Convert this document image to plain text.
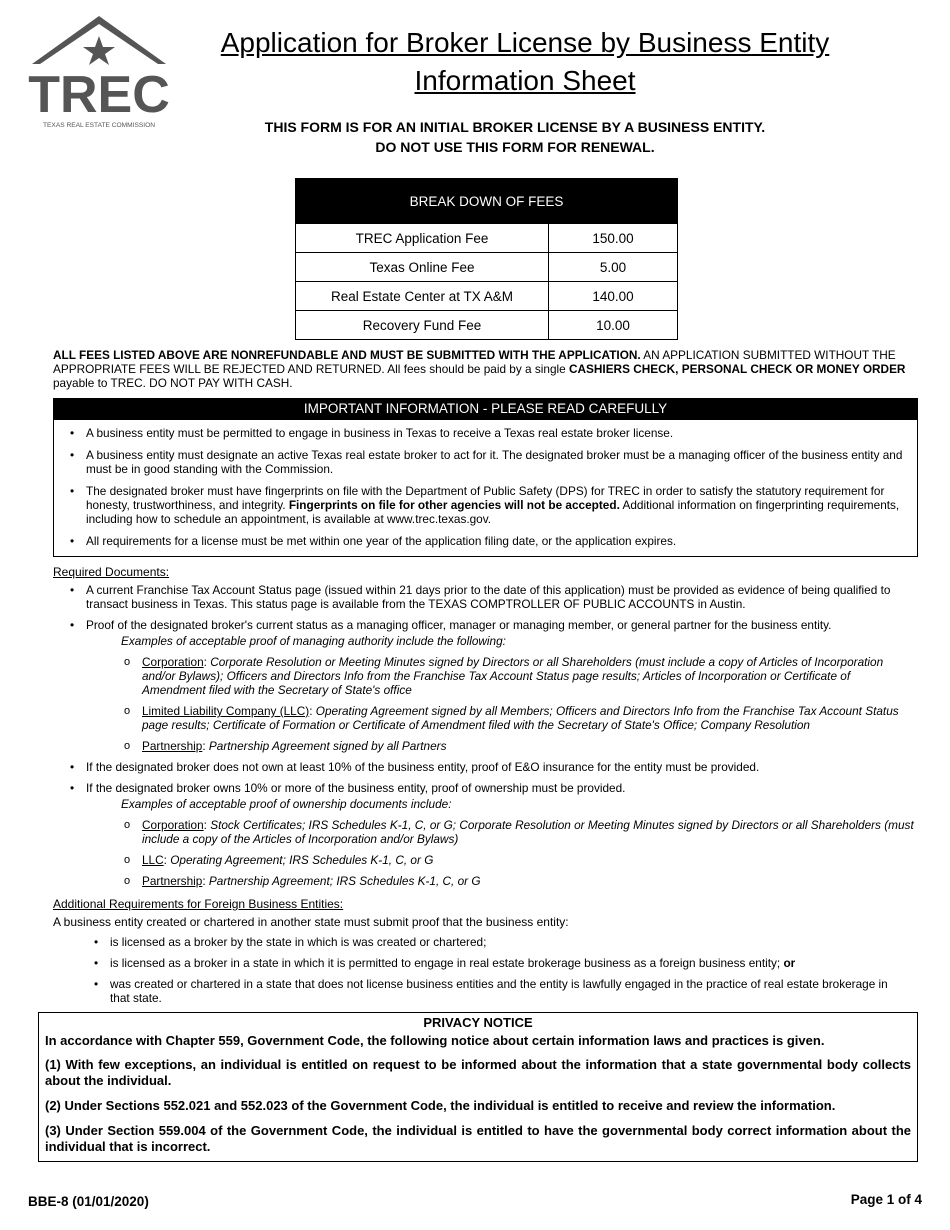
TREC
TEXAS REAL ESTATE COMMISSION
Application for Broker License by Business Entity
Information Sheet
THIS FORM IS FOR AN INITIAL BROKER LICENSE BY A BUSINESS ENTITY.
DO NOT USE THIS FORM FOR RENEWAL.
BREAK DOWN OF FEES	
TREC Application Fee	150.00
Texas Online Fee	5.00
Real Estate Center at TX A&M	140.00
Recovery Fund Fee	10.00
ALL FEES LISTED ABOVE ARE NONREFUNDABLE AND MUST BE SUBMITTED WITH THE APPLICATION. AN APPLICATION SUBMITTED WITHOUT THE APPROPRIATE FEES WILL BE REJECTED AND RETURNED. All fees should be paid by a single CASHIERS CHECK, PERSONAL CHECK OR MONEY ORDER payable to TREC. DO NOT PAY WITH CASH.
IMPORTANT INFORMATION - PLEASE READ CAREFULLY
• A business entity must be permitted to engage in business in Texas to receive a Texas real estate broker license.
• A business entity must designate an active Texas real estate broker to act for it. The designated broker must be a managing officer of the business entity and must be in good standing with the Commission.
• The designated broker must have fingerprints on file with the Department of Public Safety (DPS) for TREC in order to satisfy the statutory requirement for honesty, trustworthiness, and integrity. Fingerprints on file for other agencies will not be accepted. Additional information on fingerprinting requirements, including how to schedule an appointment, is available at www.trec.texas.gov.
• All requirements for a license must be met within one year of the application filing date, or the application expires.
Required Documents:
• A current Franchise Tax Account Status page (issued within 21 days prior to the date of this application) must be provided as evidence of being qualified to transact business in Texas. This status page is available from the TEXAS COMPTROLLER OF PUBLIC ACCOUNTS in Austin.
• Proof of the designated broker's current status as a managing officer, manager or managing member, or general partner for the business entity.
Examples of acceptable proof of managing authority include the following:
o Corporation: Corporate Resolution or Meeting Minutes signed by Directors or all Shareholders (must include a copy of Articles of Incorporation and/or Bylaws); Officers and Directors Info from the Franchise Tax Account Status page results; Articles of Incorporation or Certificate of Amendment filed with the Secretary of State's office
o Limited Liability Company (LLC): Operating Agreement signed by all Members; Officers and Directors Info from the Franchise Tax Account Status page results; Certificate of Formation or Certificate of Amendment filed with the Secretary of State's Office; Company Resolution
o Partnership: Partnership Agreement signed by all Partners
• If the designated broker does not own at least 10% of the business entity, proof of E&O insurance for the entity must be provided.
• If the designated broker owns 10% or more of the business entity, proof of ownership must be provided.
Examples of acceptable proof of ownership documents include:
o Corporation: Stock Certificates; IRS Schedules K-1, C, or G; Corporate Resolution or Meeting Minutes signed by Directors or all Shareholders (must include a copy of the Articles of Incorporation and/or Bylaws)
o LLC: Operating Agreement; IRS Schedules K-1, C, or G
o Partnership: Partnership Agreement; IRS Schedules K-1, C, or G
Additional Requirements for Foreign Business Entities:
A business entity created or chartered in another state must submit proof that the business entity:
• is licensed as a broker by the state in which is was created or chartered;
• is licensed as a broker in a state in which it is permitted to engage in real estate brokerage business as a foreign business entity; or
• was created or chartered in a state that does not license business entities and the entity is lawfully engaged in the practice of real estate brokerage in that state.
PRIVACY NOTICE

In accordance with Chapter 559, Government Code, the following notice about certain information laws and practices is given.

(1) With few exceptions, an individual is entitled on request to be informed about the information that a state governmental body collects about the individual.

(2) Under Sections 552.021 and 552.023 of the Government Code, the individual is entitled to receive and review the information.

(3) Under Section 559.004 of the Government Code, the individual is entitled to have the governmental body correct information about the individual that is incorrect.

BBE-8 (01/01/2020)	Page 1 of 4
